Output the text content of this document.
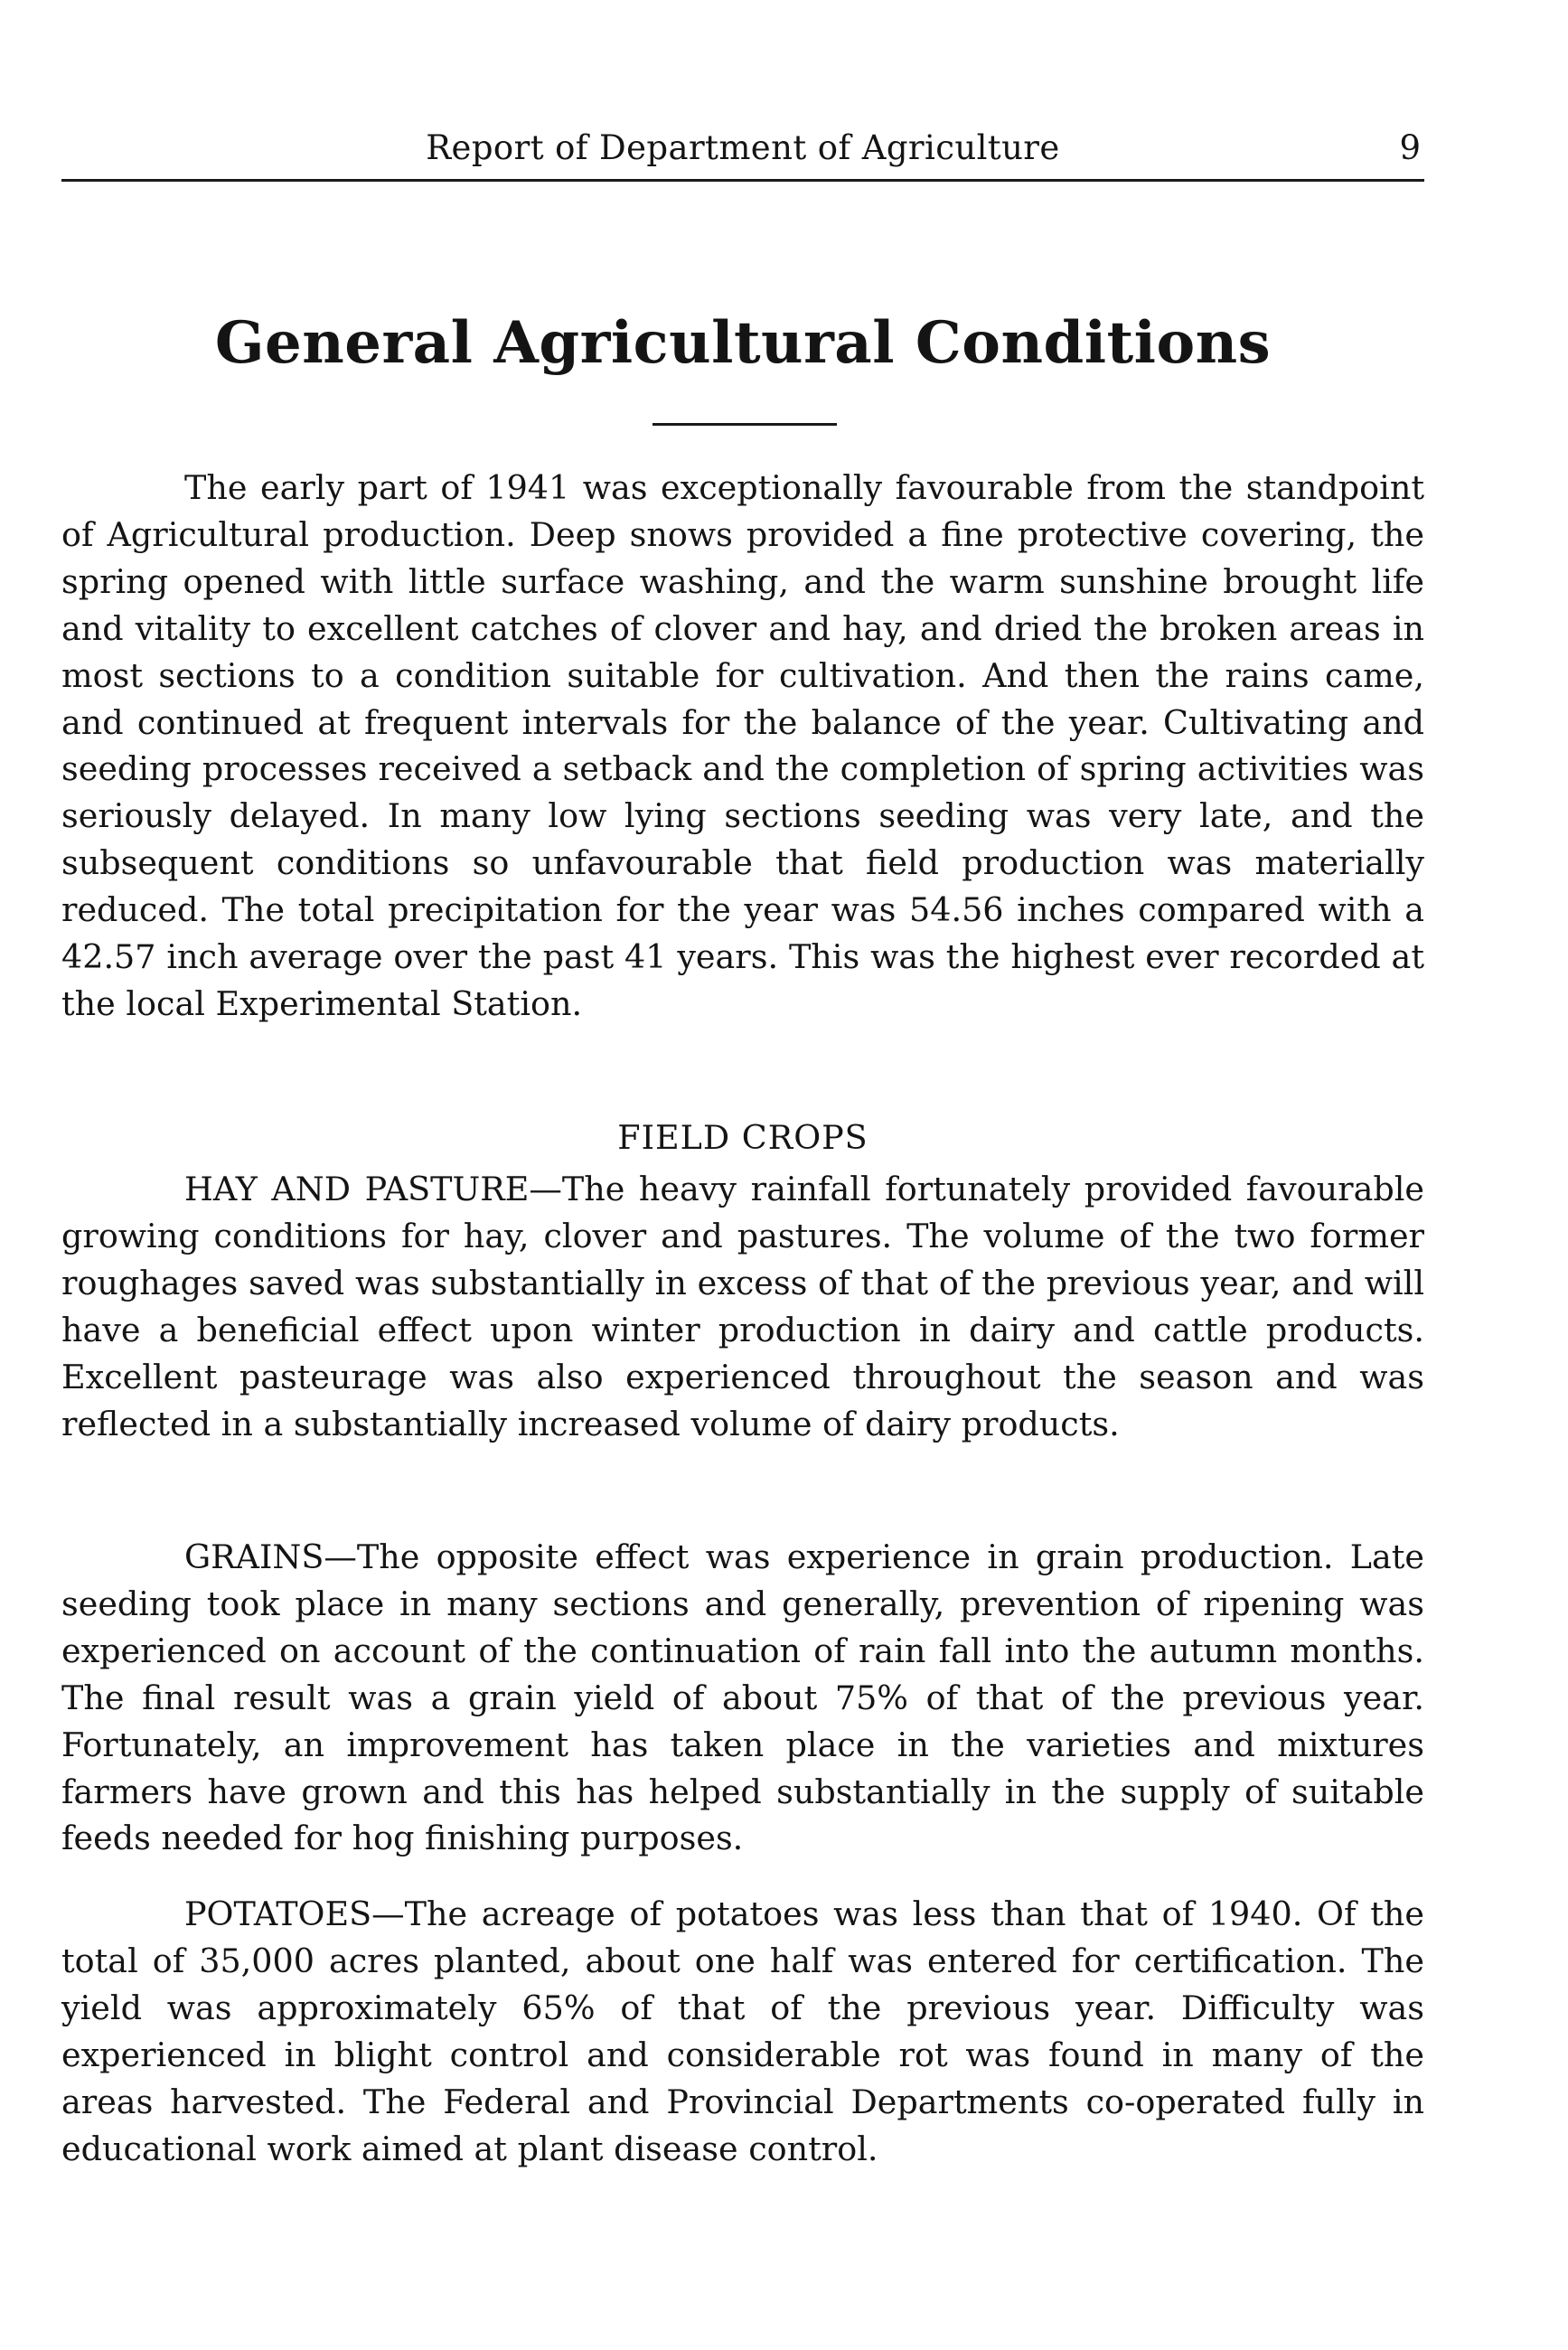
Report of Department of Agriculture	9
General Agricultural Conditions

The early part of 1941 was exceptionally favourable from the standpoint of Agricultural production. Deep snows provided a fine protective covering, the spring opened with little surface washing, and the warm sunshine brought life and vitality to excellent catches of clover and hay, and dried the broken areas in most sections to a condition suitable for cultivation. And then the rains came, and continued at frequent intervals for the balance of the year. Cultivating and seeding processes received a setback and the completion of spring activities was seriously delayed. In many low lying sections seeding was very late, and the subsequent conditions so unfavourable that field production was materially reduced. The total precipitation for the year was 54.56 inches compared with a 42.57 inch average over the past 41 years. This was the highest ever recorded at the local Experimental Station.

FIELD CROPS

HAY AND PASTURE—The heavy rainfall fortunately provided favourable growing conditions for hay, clover and pastures. The volume of the two former roughages saved was substantially in excess of that of the previous year, and will have a beneficial effect upon winter production in dairy and cattle products. Excellent pasteurage was also experienced throughout the season and was reflected in a substantially increased volume of dairy products.

GRAINS—The opposite effect was experience in grain production. Late seeding took place in many sections and generally, prevention of ripening was experienced on account of the continuation of rain fall into the autumn months. The final result was a grain yield of about 75% of that of the previous year. Fortunately, an improvement has taken place in the varieties and mixtures farmers have grown and this has helped substantially in the supply of suitable feeds needed for hog finishing purposes.

POTATOES—The acreage of potatoes was less than that of 1940. Of the total of 35,000 acres planted, about one half was entered for certification. The yield was approximately 65% of that of the previous year. Difficulty was experienced in blight control and considerable rot was found in many of the areas harvested. The Federal and Provincial Departments co-operated fully in educational work aimed at plant disease control.
